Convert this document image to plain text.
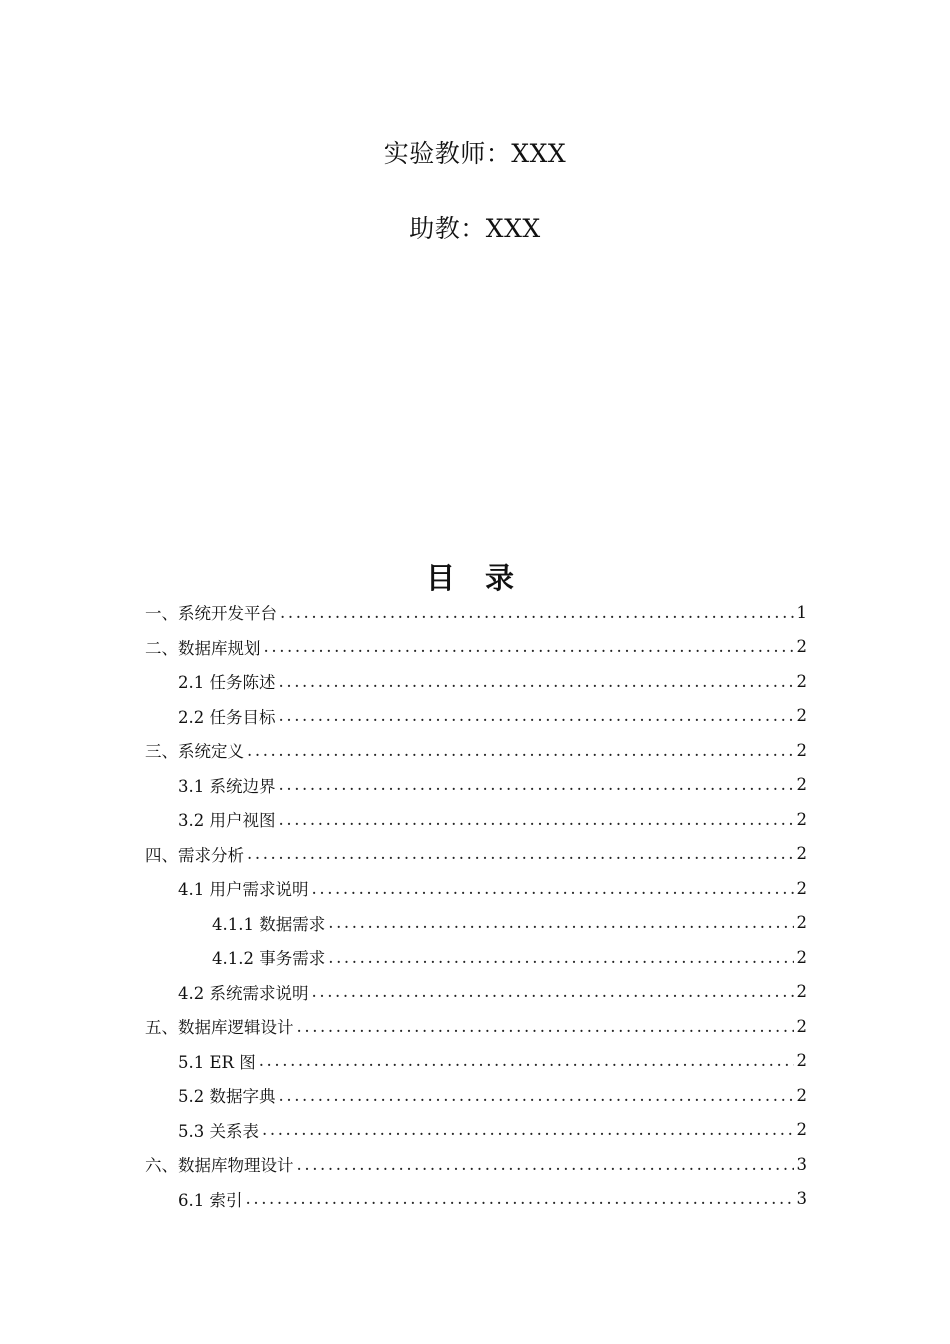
实验教师：XXX
助教：XXX
目 录
一、系统开发平台 .....	1
二、数据库规划 .....	2
2.1 任务陈述 .....	2
2.2 任务目标 .....	2
三、系统定义 .....	2
3.1 系统边界 .....	2
3.2 用户视图 .....	2
四、需求分析 .....	2
4.1 用户需求说明 .....	2
4.1.1 数据需求 .....	2
4.1.2 事务需求 .....	2
4.2 系统需求说明 .....	2
五、数据库逻辑设计 .....	2
5.1 ER 图 .....	2
5.2 数据字典 .....	2
5.3 关系表 .....	2
六、数据库物理设计 .....	3
6.1 索引 .....	3
